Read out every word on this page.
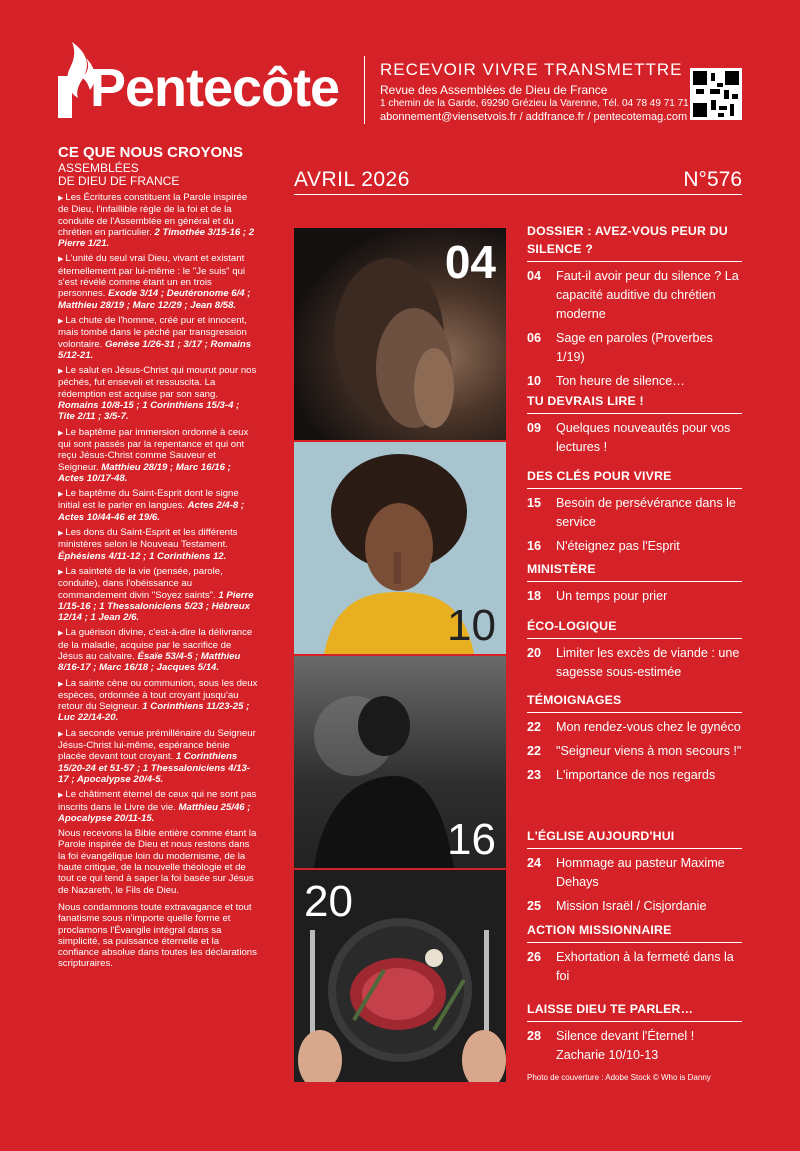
Pentecôte RECEVOIR VIVRE TRANSMETTRE
Revue des Assemblées de Dieu de France
1 chemin de la Garde, 69290 Grézieu la Varenne, Tél. 04 78 49 71 71
abonnement@viensetvois.fr / addfrance.fr / pentecotemag.com
CE QUE NOUS CROYONS
ASSEMBLÉES
DE DIEU DE FRANCE

▶ Les Écritures constituent la Parole inspirée de Dieu, l'infaillible règle de la foi et de la conduite de l'Assemblée en général et du chrétien en particulier. 2 Timothée 3/15-16 ; 2 Pierre 1/21.

▶ L'unité du seul vrai Dieu, vivant et existant éternellement par lui-même : le "Je suis" qui s'est révélé comme étant un en trois personnes. Exode 3/14 ; Deutéronome 6/4 ; Matthieu 28/19 ; Marc 12/29 ; Jean 8/58.

▶ La chute de l'homme, créé pur et innocent, mais tombé dans le péché par transgression volontaire. Genèse 1/26-31 ; 3/17 ; Romains 5/12-21.

▶ Le salut en Jésus-Christ qui mourut pour nos péchés, fut enseveli et ressuscita. La rédemption est acquise par son sang. Romains 10/8-15 ; 1 Corinthiens 15/3-4 ; Tite 2/11 ; 3/5-7.

▶ Le baptême par immersion ordonné à ceux qui sont passés par la repentance et qui ont reçu Jésus-Christ comme Sauveur et Seigneur. Matthieu 28/19 ; Marc 16/16 ; Actes 10/17-48.

▶ Le baptême du Saint-Esprit dont le signe initial est le parler en langues. Actes 2/4-8 ; Actes 10/44-46 et 19/6.

▶ Les dons du Saint-Esprit et les différents ministères selon le Nouveau Testament. Éphésiens 4/11-12 ; 1 Corinthiens 12.

▶ La sainteté de la vie (pensée, parole, conduite), dans l'obéissance au commandement divin "Soyez saints". 1 Pierre 1/15-16 ; 1 Thessaloniciens 5/23 ; Hébreux 12/14 ; 1 Jean 2/6.

▶ La guérison divine, c'est-à-dire la délivrance de la maladie, acquise par le sacrifice de Jésus au calvaire. Ésaïe 53/4-5 ; Matthieu 8/16-17 ; Marc 16/18 ; Jacques 5/14.

▶ La sainte cène ou communion, sous les deux espèces, ordonnée à tout croyant jusqu'au retour du Seigneur. 1 Corinthiens 11/23-25 ; Luc 22/14-20.

▶ La seconde venue prémillénaire du Seigneur Jésus-Christ lui-même, espérance bénie placée devant tout croyant. 1 Corinthiens 15/20-24 et 51-57 ; 1 Thessaloniciens 4/13-17 ; Apocalypse 20/4-5.

▶ Le châtiment éternel de ceux qui ne sont pas inscrits dans le Livre de vie. Matthieu 25/46 ; Apocalypse 20/11-15.

Nous recevons la Bible entière comme étant la Parole inspirée de Dieu et nous restons dans la foi évangélique loin du modernisme, de la haute critique, de la nouvelle théologie et de tout ce qui tend à saper la foi basée sur Jésus de Nazareth, le Fils de Dieu.

Nous condamnons toute extravagance et tout fanatisme sous n'importe quelle forme et proclamons l'Évangile intégral dans sa simplicité, sa puissance éternelle et la confiance absolue dans toutes les déclarations scripturaires.

AVRIL 2026	N°576
04
10
16
20
DOSSIER : AVEZ-VOUS PEUR DU SILENCE ?
04 Faut-il avoir peur du silence ? La capacité auditive du chrétien moderne
06 Sage en paroles (Proverbes 1/19)
10 Ton heure de silence…
TU DEVRAIS LIRE !
09 Quelques nouveautés pour vos lectures !
DES CLÉS POUR VIVRE
15 Besoin de persévérance dans le service
16 N'éteignez pas l'Esprit
MINISTÈRE
18 Un temps pour prier
ÉCO-LOGIQUE
20 Limiter les excès de viande : une sagesse sous-estimée
TÉMOIGNAGES
22 Mon rendez-vous chez le gynéco
22 "Seigneur viens à mon secours !"
23 L'importance de nos regards
L'ÉGLISE AUJOURD'HUI
24 Hommage au pasteur Maxime Dehays
25 Mission Israël / Cisjordanie
ACTION MISSIONNAIRE
26 Exhortation à la fermeté dans la foi
LAISSE DIEU TE PARLER…
28 Silence devant l'Éternel ! Zacharie 10/10-13
Photo de couverture : Adobe Stock © Who is Danny
